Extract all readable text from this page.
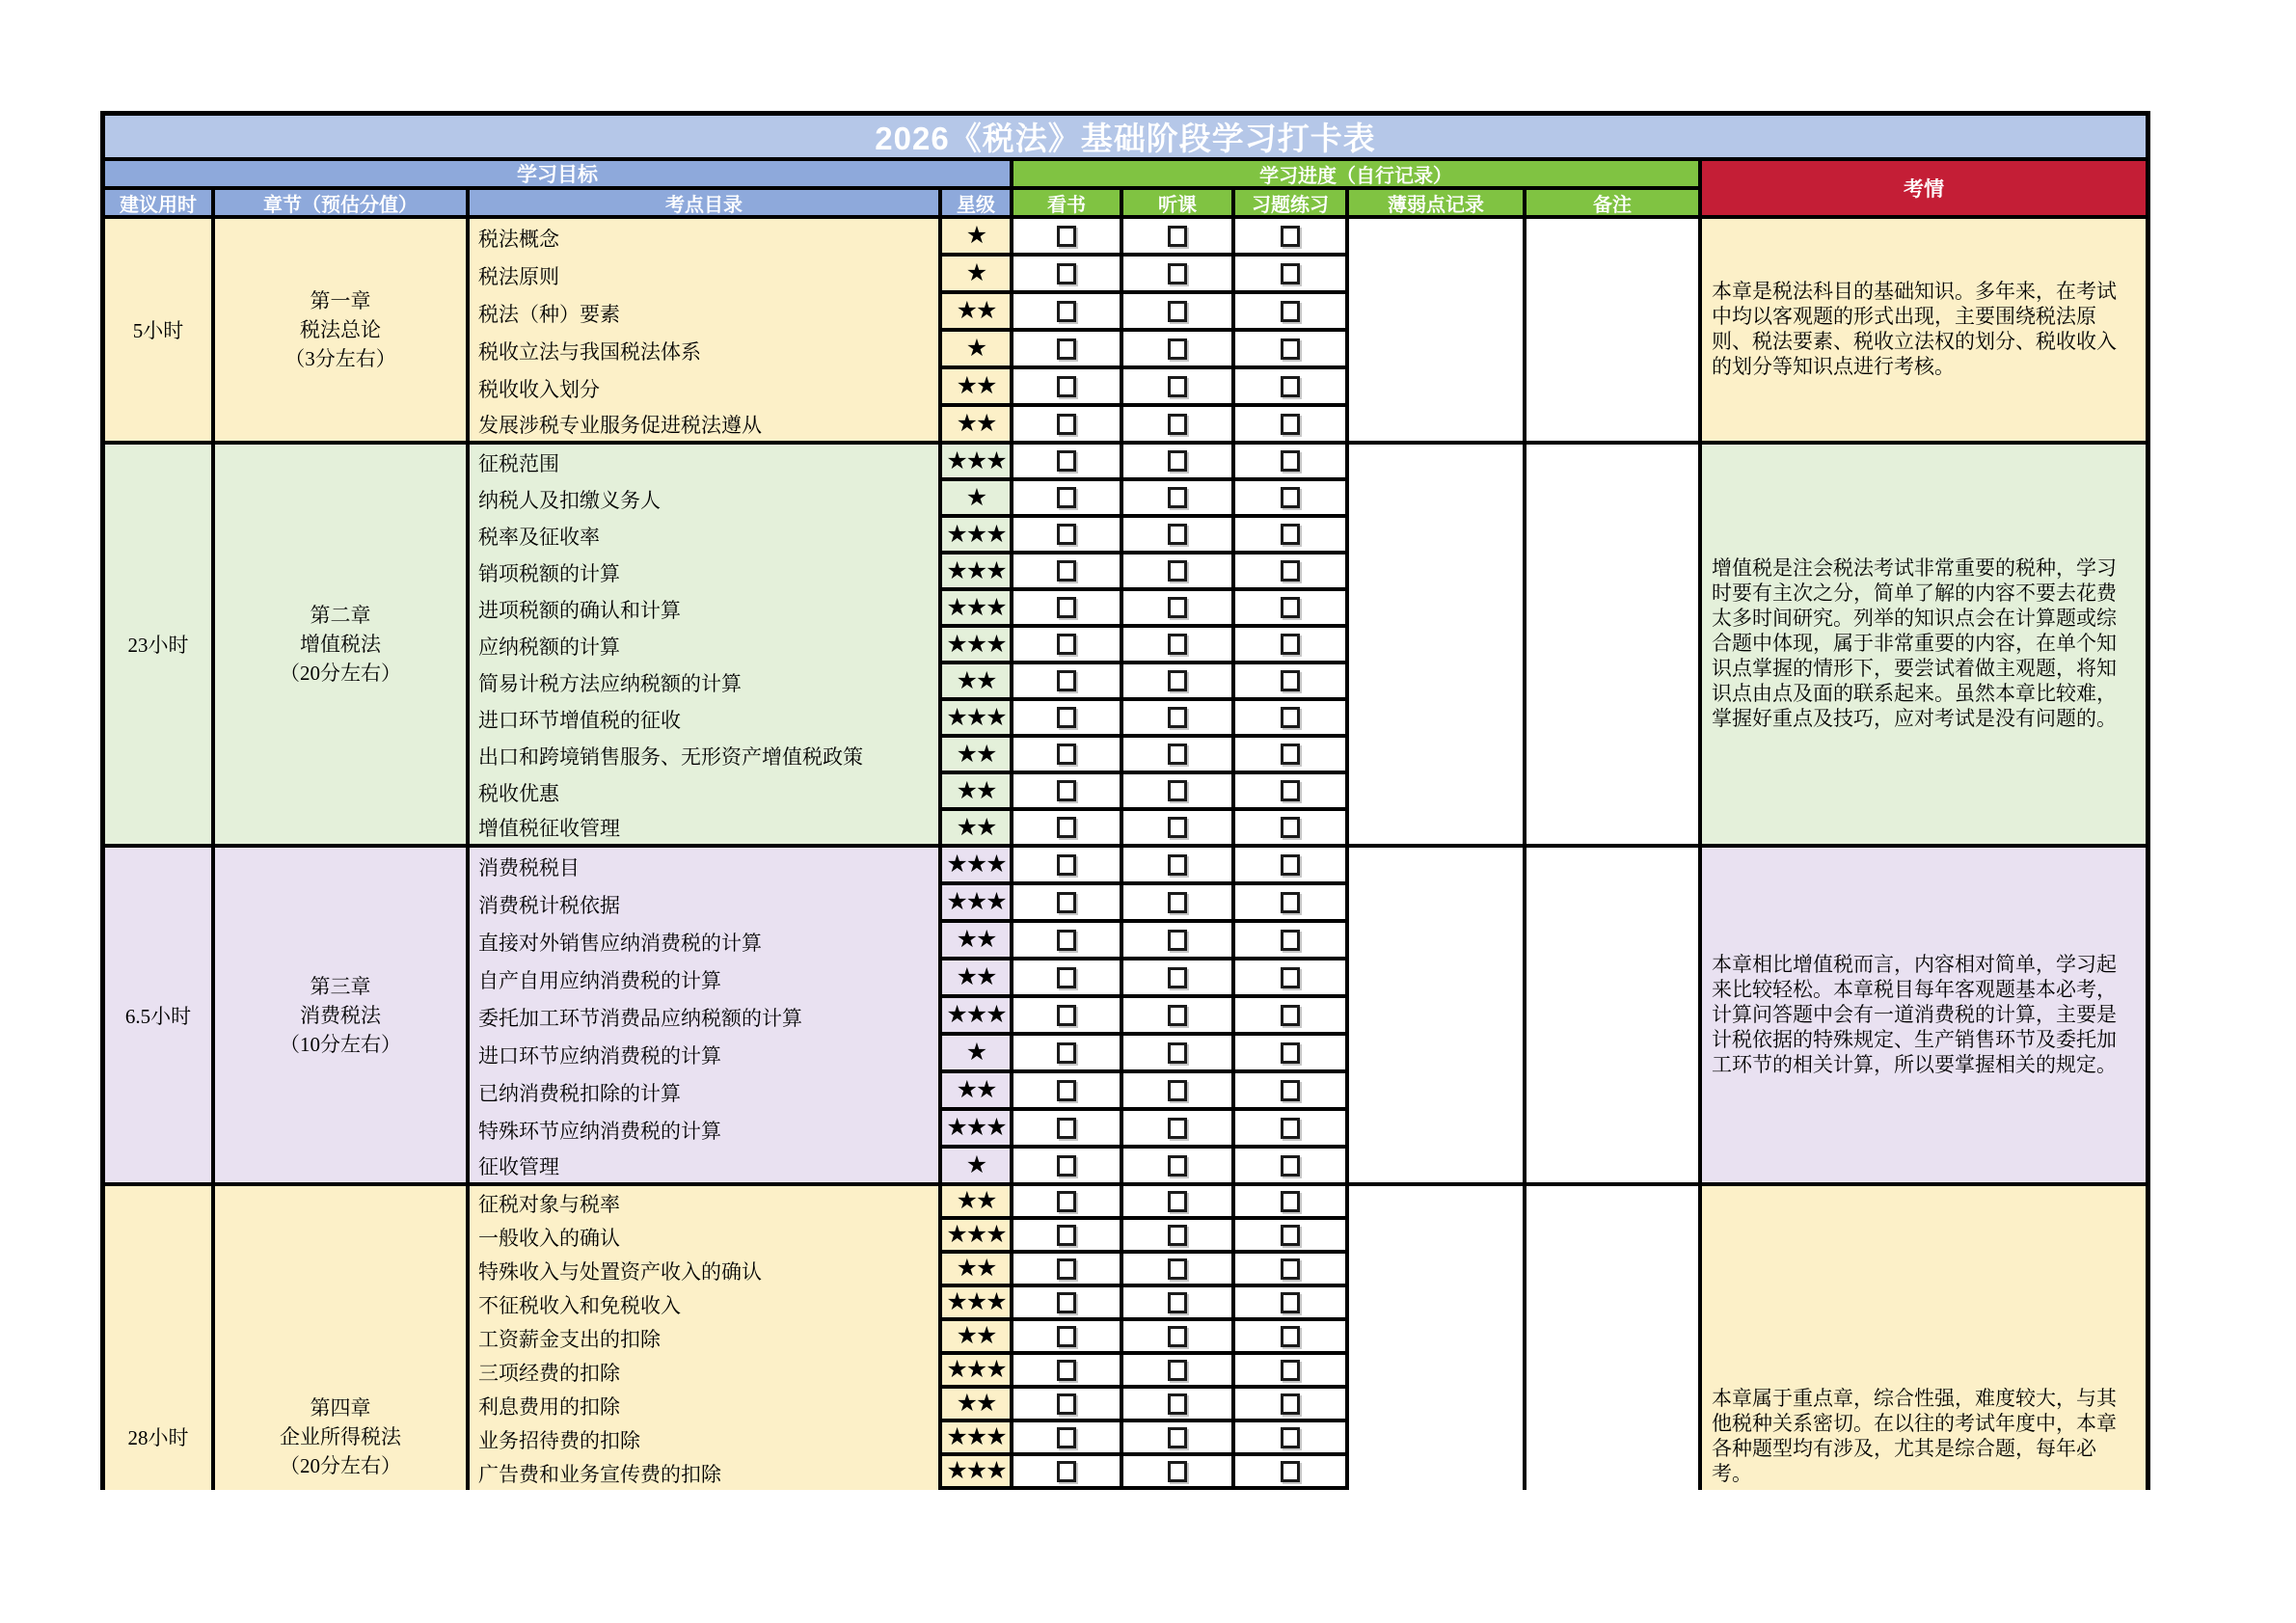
2026《税法》基础阶段学习打卡表
学习目标	学习进度（自行记录）
考情
建议用时	章节（预估分值）	考点目录	星级	看书	听课	习题练习	薄弱点记录	备注
5小时
第一章
税法总论
（3分左右）
税法概念	★
税法原则	★
税法（种）要素	★★
税收立法与我国税法体系	★
税收收入划分	★★
发展涉税专业服务促进税法遵从	★★
本章是税法科目的基础知识。多年来，在考试中均以客观题的形式出现，主要围绕税法原则、税法要素、税收立法权的划分、税收收入的划分等知识点进行考核。
23小时
第二章
增值税法
（20分左右）
征税范围	★★★
纳税人及扣缴义务人	★
税率及征收率	★★★
销项税额的计算	★★★
进项税额的确认和计算	★★★
应纳税额的计算	★★★
简易计税方法应纳税额的计算	★★
进口环节增值税的征收	★★★
出口和跨境销售服务、无形资产增值税政策	★★
税收优惠	★★
增值税征收管理	★★
增值税是注会税法考试非常重要的税种，学习时要有主次之分，简单了解的内容不要去花费太多时间研究。列举的知识点会在计算题或综合题中体现，属于非常重要的内容，在单个知识点掌握的情形下，要尝试着做主观题，将知识点由点及面的联系起来。虽然本章比较难，掌握好重点及技巧，应对考试是没有问题的。
6.5小时
第三章
消费税法
（10分左右）
消费税税目	★★★
消费税计税依据	★★★
直接对外销售应纳消费税的计算	★★
自产自用应纳消费税的计算	★★
委托加工环节消费品应纳税额的计算	★★★
进口环节应纳消费税的计算	★
已纳消费税扣除的计算	★★
特殊环节应纳消费税的计算	★★★
征收管理	★
本章相比增值税而言，内容相对简单，学习起来比较轻松。本章税目每年客观题基本必考，计算问答题中会有一道消费税的计算，主要是计税依据的特殊规定、生产销售环节及委托加工环节的相关计算，所以要掌握相关的规定。
28小时
第四章
企业所得税法
（20分左右）
征税对象与税率	★★
一般收入的确认	★★★
特殊收入与处置资产收入的确认	★★
不征税收入和免税收入	★★★
工资薪金支出的扣除	★★
三项经费的扣除	★★★
利息费用的扣除	★★
业务招待费的扣除	★★★
广告费和业务宣传费的扣除	★★★
本章属于重点章，综合性强，难度较大，与其他税种关系密切。在以往的考试年度中，本章各种题型均有涉及，尤其是综合题，每年必考。
